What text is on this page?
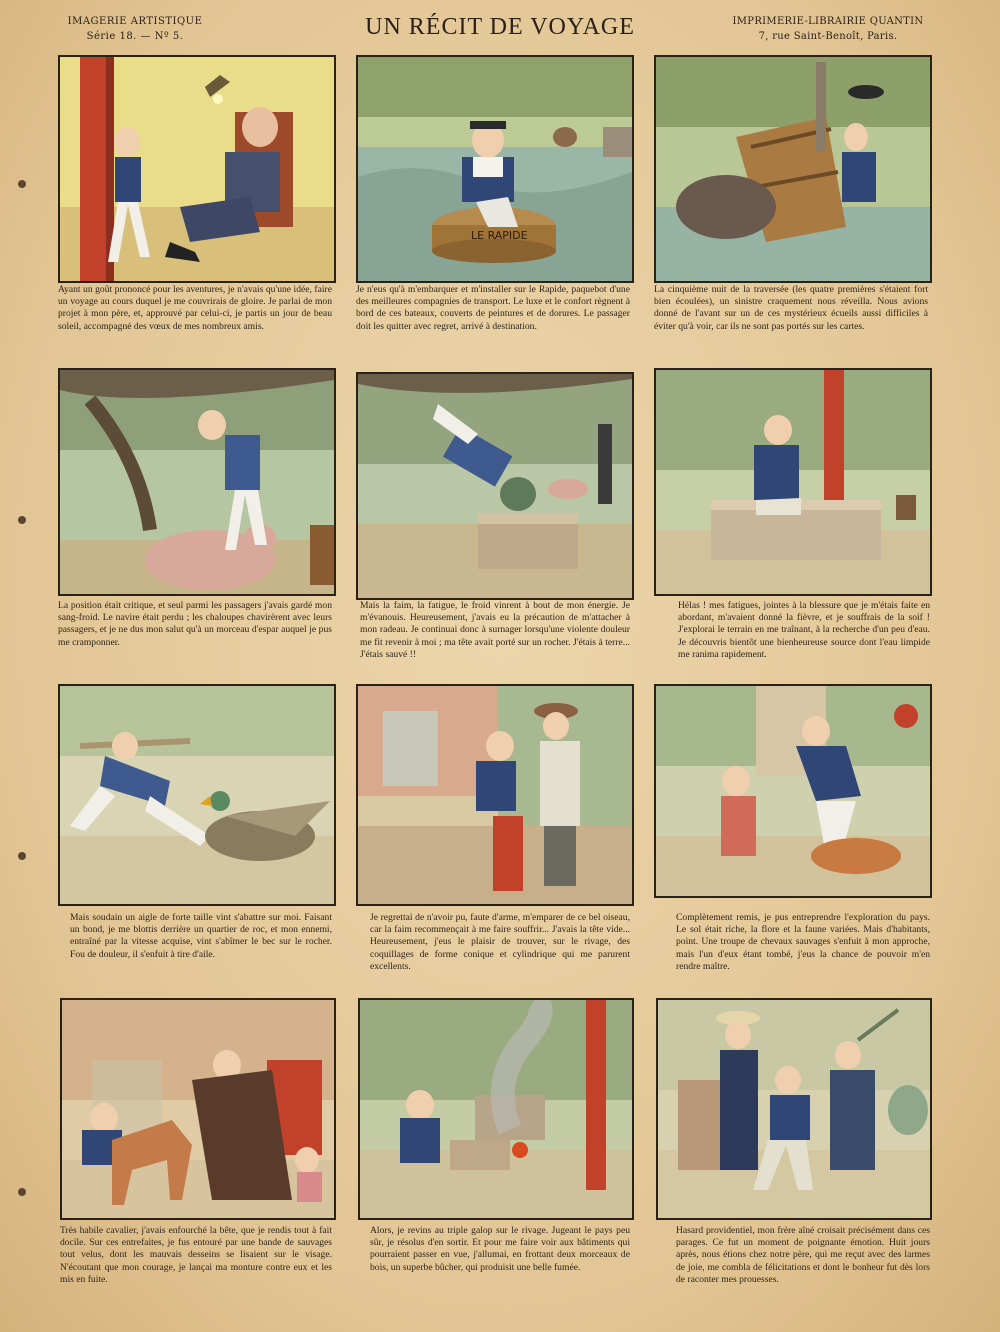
IMAGERIE ARTISTIQUE
Série 18. — Nº 5.	UN RÉCIT DE VOYAGE	IMPRIMERIE-LIBRAIRIE QUANTIN
7, rue Saint-Benoît, Paris.
Ayant un goût prononcé pour les aventures, je n'avais qu'une idée, faire un voyage au cours duquel je me couvrirais de gloire. Je parlai de mon projet à mon père, et, approuvé par celui-ci, je partis un jour de beau soleil, accompagné des vœux de mes nombreux amis.
LE RAPIDE
Je n'eus qu'à m'embarquer et m'installer sur le Rapide, paquebot d'une des meilleures compagnies de transport. Le luxe et le confort règnent à bord de ces bateaux, couverts de peintures et de dorures. Le passager doit les quitter avec regret, arrivé à destination.
La cinquième nuit de la traversée (les quatre premières s'étaient fort bien écoulées), un sinistre craquement nous réveilla. Nous avions donné de l'avant sur un de ces mystérieux écueils aussi difficiles à éviter qu'à voir, car ils ne sont pas portés sur les cartes.
La position était critique, et seul parmi les passagers j'avais gardé mon sang-froid. Le navire était perdu ; les chaloupes chavirèrent avec leurs passagers, et je ne dus mon salut qu'à un morceau d'espar auquel je pus me cramponner.
Mais la faim, la fatigue, le froid vinrent à bout de mon énergie. Je m'évanouis. Heureusement, j'avais eu la précaution de m'attacher à mon radeau. Je continuai donc à surnager lorsqu'une violente douleur me fit revenir à moi ; ma tête avait porté sur un rocher. J'étais à terre... J'étais sauvé !!
Hélas ! mes fatigues, jointes à la blessure que je m'étais faite en abordant, m'avaient donné la fièvre, et je souffrais de la soif ! J'explorai le terrain en me traînant, à la recherche d'un peu d'eau. Je découvris bientôt une bienheureuse source dont l'eau limpide me ranima rapidement.
Mais soudain un aigle de forte taille vint s'abattre sur moi. Faisant un bond, je me blottis derrière un quartier de roc, et mon ennemi, entraîné par la vitesse acquise, vint s'abîmer le bec sur le rocher. Fou de douleur, il s'enfuit à tire d'aile.
Je regrettai de n'avoir pu, faute d'arme, m'emparer de ce bel oiseau, car la faim recommençait à me faire souffrir... J'avais la tête vide... Heureusement, j'eus le plaisir de trouver, sur le rivage, des coquillages de forme conique et cylindrique qui me parurent excellents.
Complètement remis, je pus entreprendre l'exploration du pays. Le sol était riche, la flore et la faune variées. Mais d'habitants, point. Une troupe de chevaux sauvages s'enfuit à mon approche, mais l'un d'eux étant tombé, j'eus la chance de pouvoir m'en rendre maître.
Très habile cavalier, j'avais enfourché la bête, que je rendis tout à fait docile. Sur ces entrefaites, je fus entouré par une bande de sauvages tout velus, dont les mauvais desseins se lisaient sur le visage. N'écoutant que mon courage, je lançai ma monture contre eux et les mis en fuite.
Alors, je revins au triple galop sur le rivage. Jugeant le pays peu sûr, je résolus d'en sortir. Et pour me faire voir aux bâtiments qui pourraient passer en vue, j'allumai, en frottant deux morceaux de bois, un superbe bûcher, qui produisit une belle fumée.
Hasard providentiel, mon frère aîné croisait précisément dans ces parages. Ce fut un moment de poignante émotion. Huit jours après, nous étions chez notre père, qui me reçut avec des larmes de joie, me combla de félicitations et dont le bonheur fut dès lors de raconter mes prouesses.
